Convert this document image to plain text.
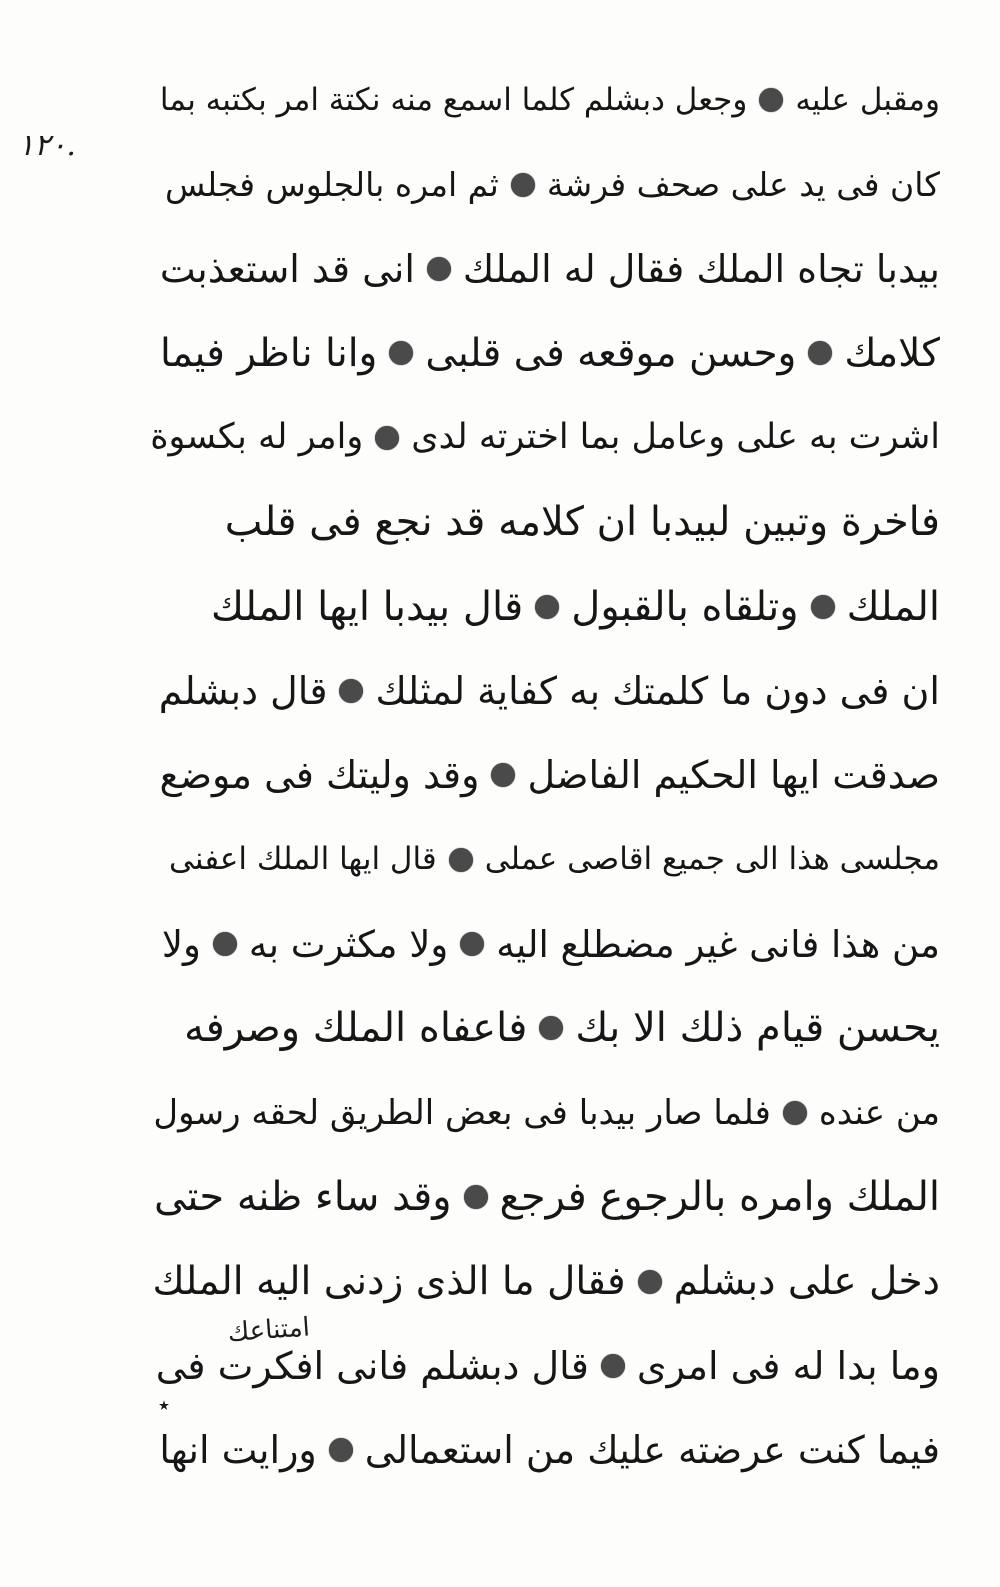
۱۲۰.
ومقبل عليه
وجعل دبشلم كلما اسمع منه نكتة امر بكتبه بما
كان فى يد على صحف فرشة
ثم امره بالجلوس فجلس
بيدبا تجاه الملك فقال له الملك
انى قد استعذبت
كلامك
وحسن موقعه فى قلبى
وانا ناظر فيما
اشرت به على وعامل بما اخترته لدى
وامر له بكسوة
فاخرة وتبين لبيدبا ان كلامه قد نجع فى قلب
الملك
وتلقاه بالقبول
قال بيدبا ايها الملك
ان فى دون ما كلمتك به كفاية لمثلك
قال دبشلم
صدقت ايها الحكيم الفاضل
وقد وليتك فى موضع
مجلسى هذا الى جميع اقاصى عملى
قال ايها الملك اعفنى
من هذا فانى غير مضطلع اليه
ولا مكثرت به
ولا
يحسن قيام ذلك الا بك
فاعفاه الملك وصرفه
من عنده
فلما صار بيدبا فى بعض الطريق لحقه رسول
الملك وامره بالرجوع فرجع
وقد ساء ظنه حتى
دخل على دبشلم
فقال ما الذى زدنى اليه الملك
وما بدا له فى امرى
قال دبشلم فانى افكرت فى
فيما كنت عرضته عليك من استعمالى
ورايت انها
امتناعك
٭
